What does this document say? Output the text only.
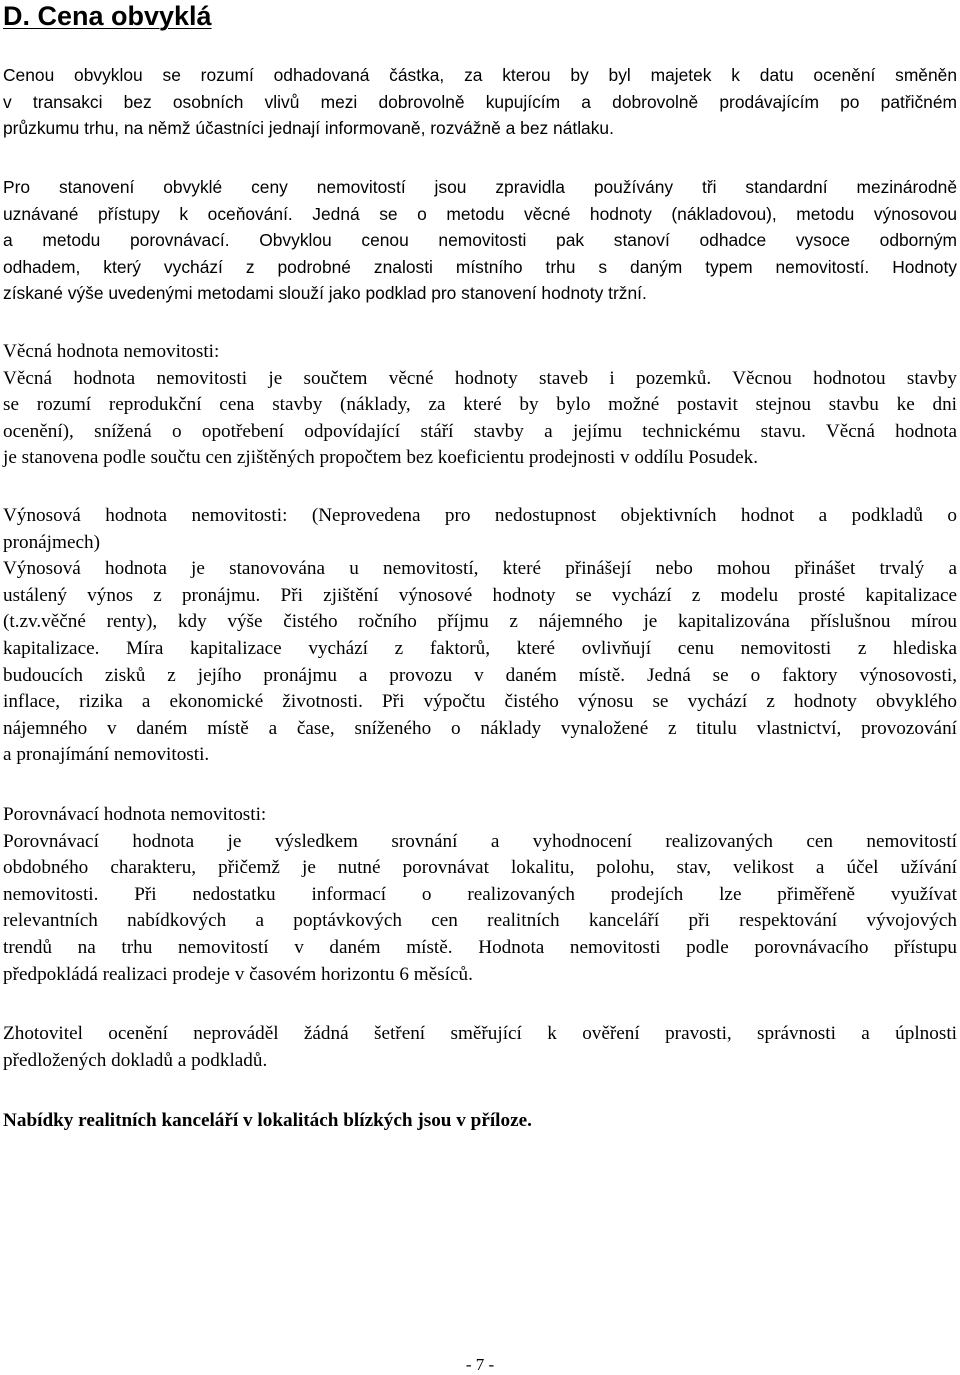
D. Cena obvyklá
Cenou obvyklou se rozumí odhadovaná částka, za kterou by byl majetek k datu ocenění směněn
v transakci bez osobních vlivů mezi dobrovolně kupujícím a dobrovolně prodávajícím po patřičném
průzkumu trhu, na němž účastníci jednají informovaně, rozvážně a bez nátlaku.
Pro stanovení obvyklé ceny nemovitostí jsou zpravidla používány tři standardní mezinárodně
uznávané přístupy k oceňování. Jedná se o metodu věcné hodnoty (nákladovou), metodu výnosovou
a metodu porovnávací. Obvyklou cenou nemovitosti pak stanoví odhadce vysoce odborným
odhadem, který vychází z podrobné znalosti místního trhu s daným typem nemovitostí. Hodnoty
získané výše uvedenými metodami slouží jako podklad pro stanovení hodnoty tržní.
Věcná hodnota nemovitosti:
Věcná hodnota nemovitosti je součtem věcné hodnoty staveb i pozemků. Věcnou hodnotou stavby
se rozumí reprodukční cena stavby (náklady, za které by bylo možné postavit stejnou stavbu ke dni
ocenění), snížená o opotřebení odpovídající stáří stavby a jejímu technickému stavu. Věcná hodnota
je stanovena podle součtu cen zjištěných propočtem bez koeficientu prodejnosti v oddílu Posudek.
Výnosová hodnota nemovitosti: (Neprovedena pro nedostupnost objektivních hodnot a podkladů o
pronájmech)
Výnosová hodnota je stanovována u nemovitostí, které přinášejí nebo mohou přinášet trvalý a
ustálený výnos z pronájmu. Při zjištění výnosové hodnoty se vychází z modelu prosté kapitalizace
(t.zv.věčné renty), kdy výše čistého ročního příjmu z nájemného je kapitalizována příslušnou mírou
kapitalizace. Míra kapitalizace vychází z faktorů, které ovlivňují cenu nemovitosti z hlediska
budoucích zisků z jejího pronájmu a provozu v daném místě. Jedná se o faktory výnosovosti,
inflace, rizika a ekonomické životnosti. Při výpočtu čistého výnosu se vychází z hodnoty obvyklého
nájemného v daném místě a čase, sníženého o náklady vynaložené z titulu vlastnictví, provozování
a pronajímání nemovitosti.
Porovnávací hodnota nemovitosti:
Porovnávací hodnota je výsledkem srovnání a vyhodnocení realizovaných cen nemovitostí
obdobného charakteru, přičemž je nutné porovnávat lokalitu, polohu, stav, velikost a účel užívání
nemovitosti. Při nedostatku informací o realizovaných prodejích lze přiměřeně využívat
relevantních nabídkových a poptávkových cen realitních kanceláří při respektování vývojových
trendů na trhu nemovitostí v daném místě. Hodnota nemovitosti podle porovnávacího přístupu
předpokládá realizaci prodeje v časovém horizontu 6 měsíců.
Zhotovitel ocenění neprováděl žádná šetření směřující k ověření pravosti, správnosti a úplnosti
předložených dokladů a podkladů.
Nabídky realitních kanceláří v lokalitách blízkých jsou v příloze.

- 7 -
